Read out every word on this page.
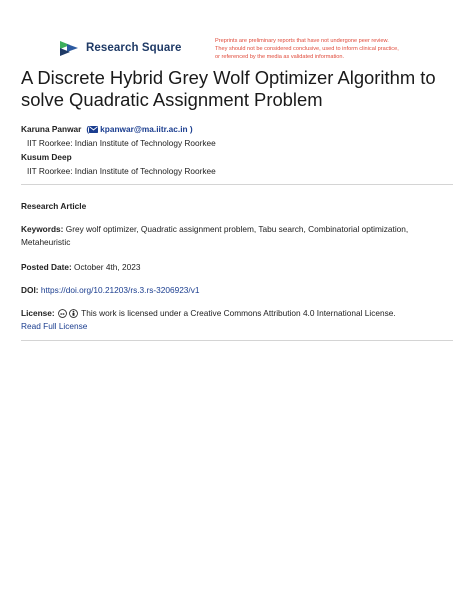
Research Square
Preprints are preliminary reports that have not undergone peer review.
They should not be considered conclusive, used to inform clinical practice,
or referenced by the media as validated information.
A Discrete Hybrid Grey Wolf Optimizer Algorithm to
solve Quadratic Assignment Problem
Karuna Panwar ( kpanwar@ma.iitr.ac.in )
IIT Roorkee: Indian Institute of Technology Roorkee
Kusum Deep
IIT Roorkee: Indian Institute of Technology Roorkee
Research Article
Keywords: Grey wolf optimizer, Quadratic assignment problem, Tabu search, Combinatorial optimization, Metaheuristic
Posted Date: October 4th, 2023
DOI: https://doi.org/10.21203/rs.3.rs-3206923/v1
License: cc This work is licensed under a Creative Commons Attribution 4.0 International License.
Read Full License
